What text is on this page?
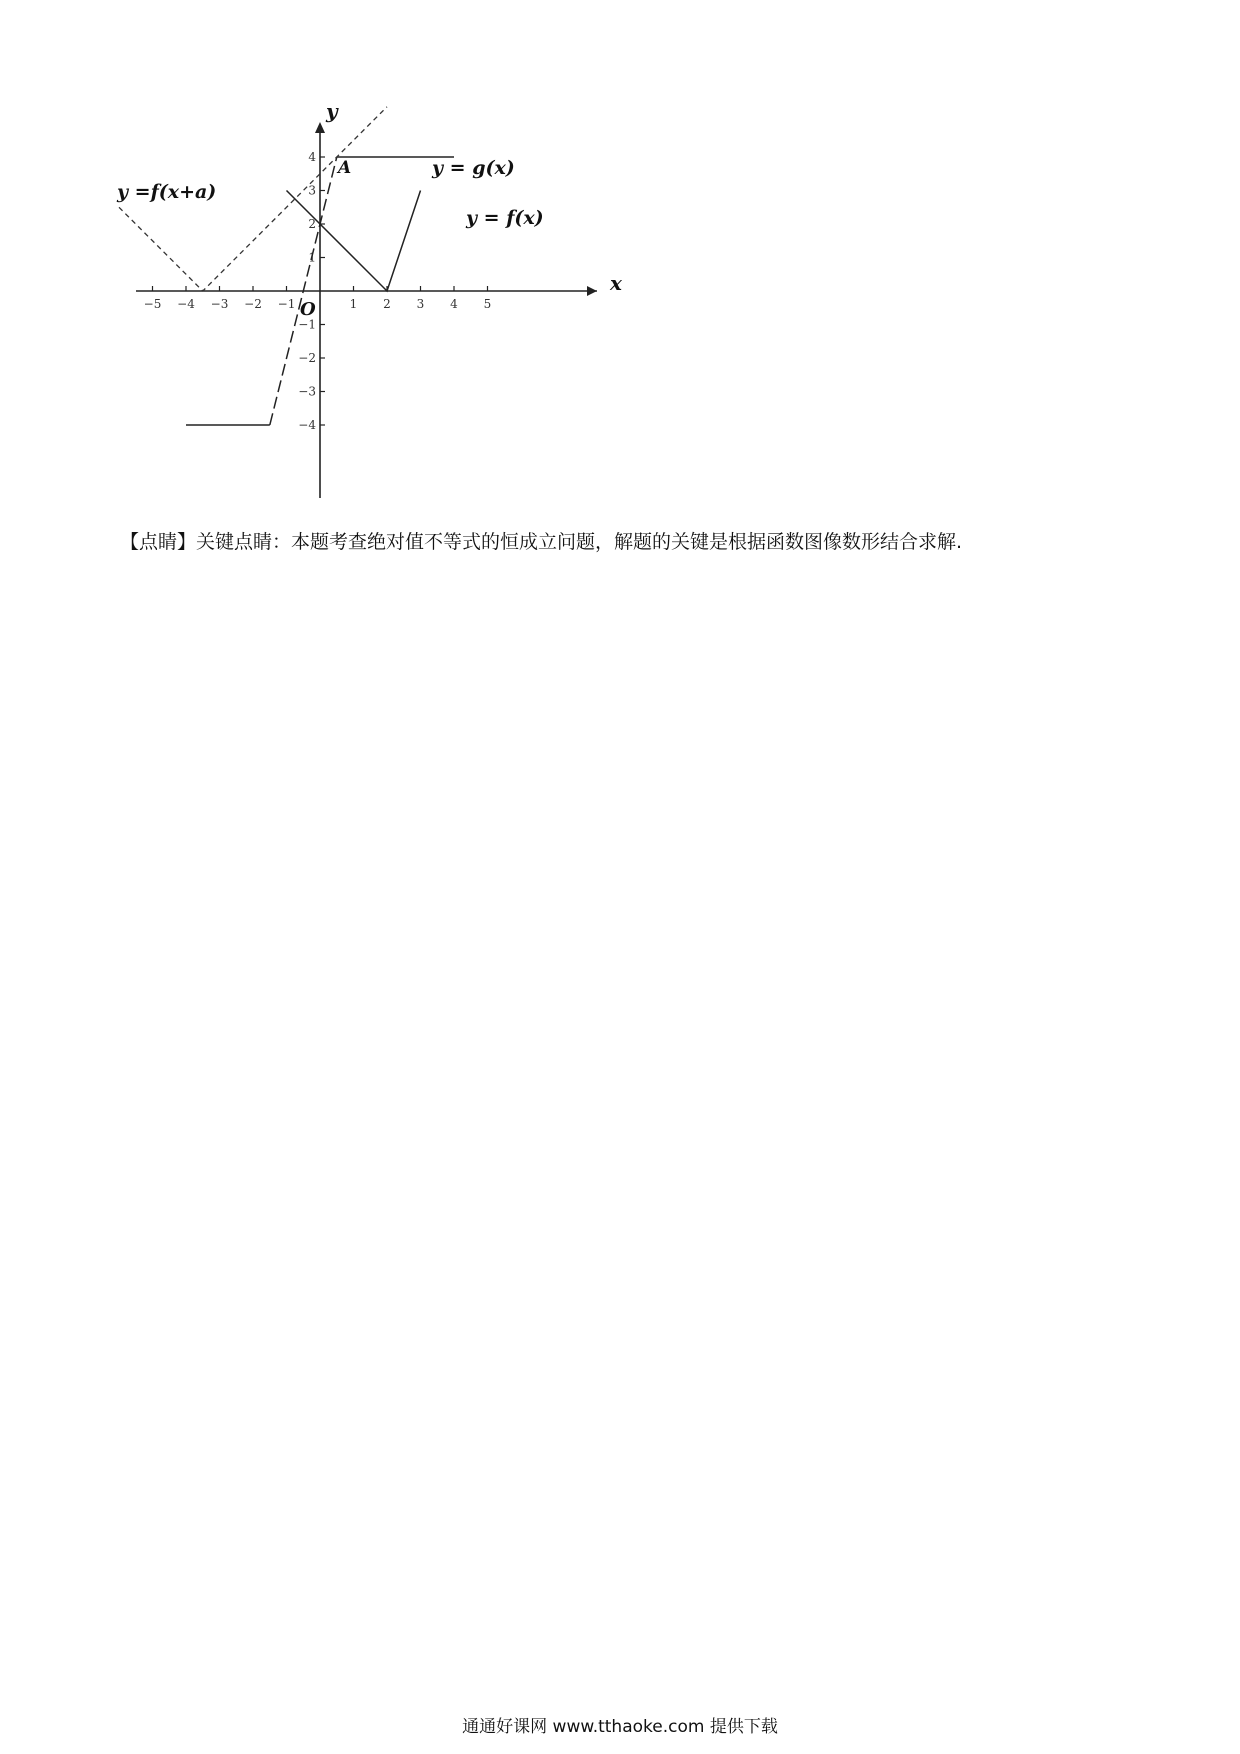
x
y
O
−5 −4 −3 −2 −1	1 2 3 4 5
4
3
2
1
−1
−2
−3
−4
A	y = g(x)
y = f(x)
y =f(x+a)
【点睛】关键点睛：本题考查绝对值不等式的恒成立问题，解题的关键是根据函数图像数形结合求解.
通通好课网 www.tthaoke.com 提供下载
